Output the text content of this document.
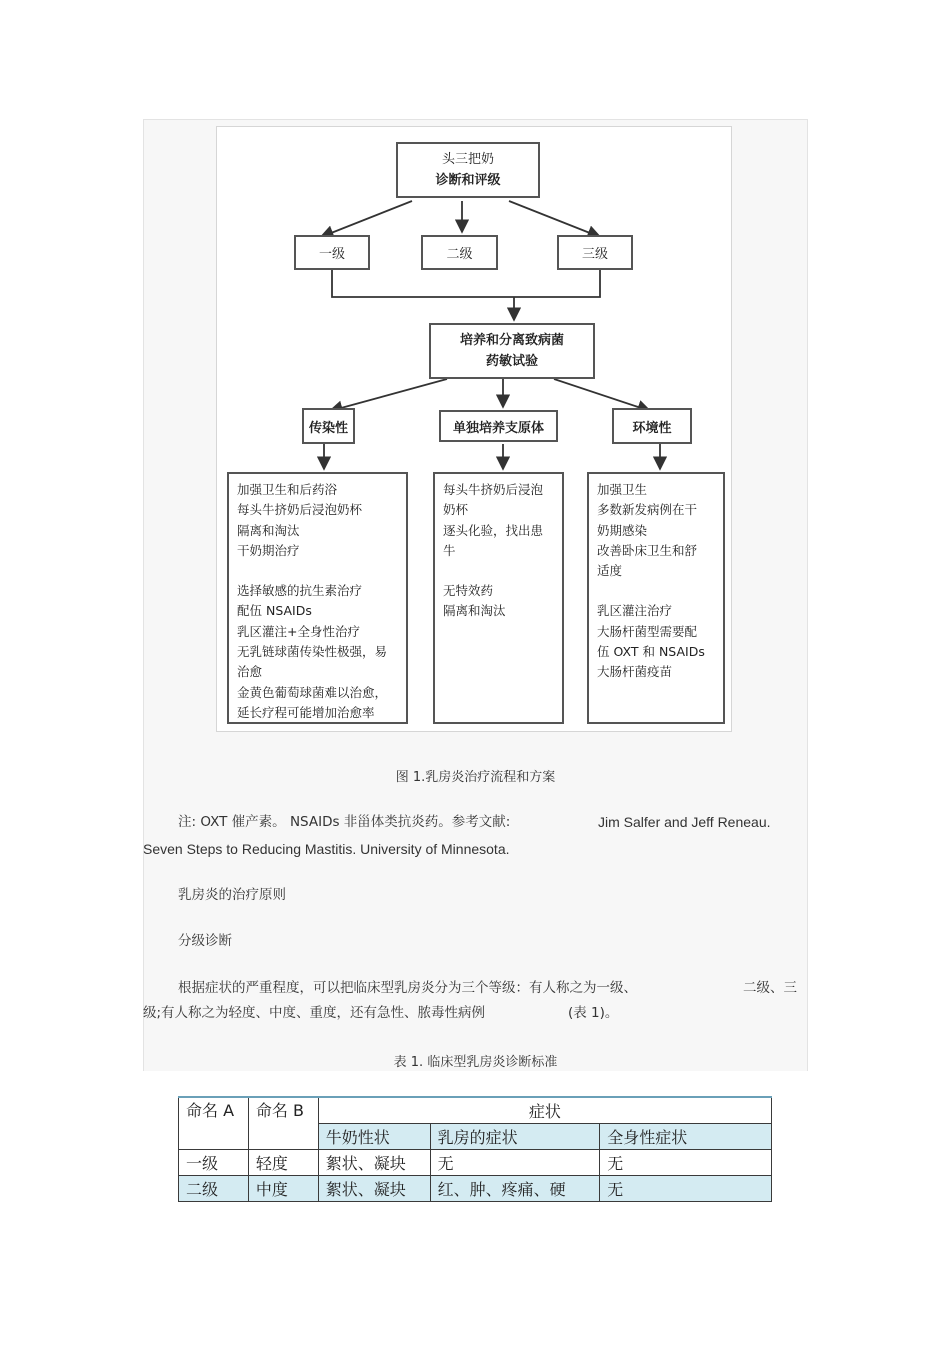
头三把奶
诊断和评级
一级	二级	三级
培养和分离致病菌
药敏试验
传染性	单独培养支原体	环境性
加强卫生和后药浴
每头牛挤奶后浸泡奶杯
隔离和淘汰
干奶期治疗
选择敏感的抗生素治疗
配伍 NSAIDs
乳区灌注+全身性治疗
无乳链球菌传染性极强，易
治愈
金黄色葡萄球菌难以治愈，
延长疗程可能增加治愈率
每头牛挤奶后浸泡
奶杯
逐头化验，找出患
牛
无特效药
隔离和淘汰
加强卫生
多数新发病例在干
奶期感染
改善卧床卫生和舒
适度
乳区灌注治疗
大肠杆菌型需要配
伍 OXT 和 NSAIDs
大肠杆菌疫苗
图 1.乳房炎治疗流程和方案
注: OXT 催产素。 NSAIDs 非甾体类抗炎药。参考文献:	Jim Salfer and Jeff Reneau.
Seven Steps to Reducing Mastitis. University of Minnesota.
乳房炎的治疗原则
分级诊断
根据症状的严重程度，可以把临床型乳房炎分为三个等级：有人称之为一级、	二级、三
级;有人称之为轻度、中度、重度，还有急性、脓毒性病例	(表 1)。
表 1. 临床型乳房炎诊断标准
命名 A	命名 B	症状		
		牛奶性状	乳房的症状	全身性症状
一级	轻度	絮状、凝块	无	无
二级	中度	絮状、凝块	红、肿、疼痛、硬	无
